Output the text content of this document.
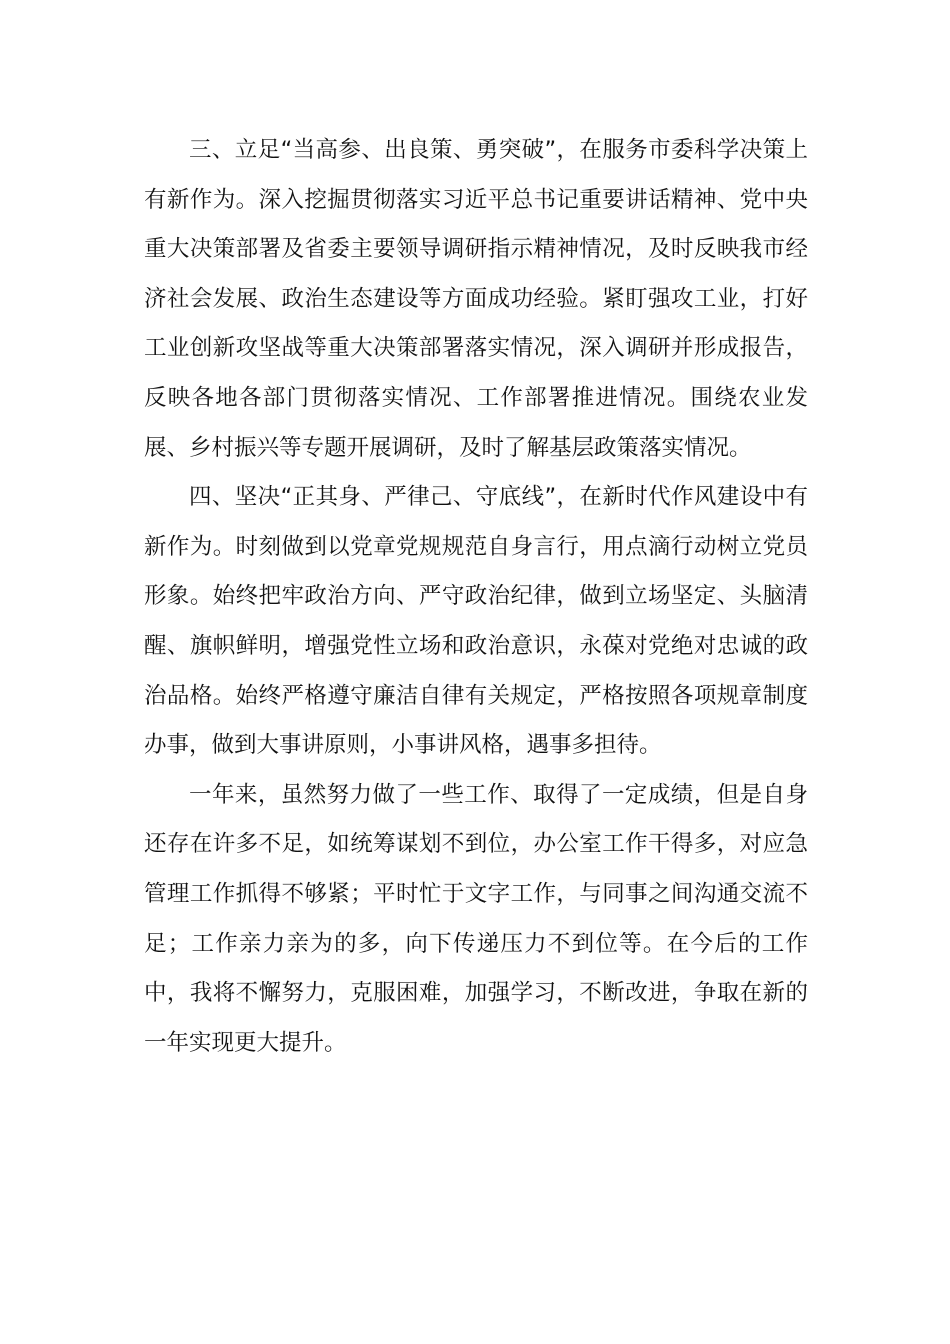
三、立足“当高参、出良策、勇突破”，在服务市委科学决策上有新作为。深入挖掘贯彻落实习近平总书记重要讲话精神、党中央重大决策部署及省委主要领导调研指示精神情况，及时反映我市经济社会发展、政治生态建设等方面成功经验。紧盯强攻工业，打好工业创新攻坚战等重大决策部署落实情况，深入调研并形成报告，反映各地各部门贯彻落实情况、工作部署推进情况。围绕农业发展、乡村振兴等专题开展调研，及时了解基层政策落实情况。

四、坚决“正其身、严律己、守底线”，在新时代作风建设中有新作为。时刻做到以党章党规规范自身言行，用点滴行动树立党员形象。始终把牢政治方向、严守政治纪律，做到立场坚定、头脑清醒、旗帜鲜明，增强党性立场和政治意识，永葆对党绝对忠诚的政治品格。始终严格遵守廉洁自律有关规定，严格按照各项规章制度办事，做到大事讲原则，小事讲风格，遇事多担待。

一年来，虽然努力做了一些工作、取得了一定成绩，但是自身还存在许多不足，如统筹谋划不到位，办公室工作干得多，对应急管理工作抓得不够紧；平时忙于文字工作，与同事之间沟通交流不足；工作亲力亲为的多，向下传递压力不到位等。在今后的工作中，我将不懈努力，克服困难，加强学习，不断改进，争取在新的一年实现更大提升。
